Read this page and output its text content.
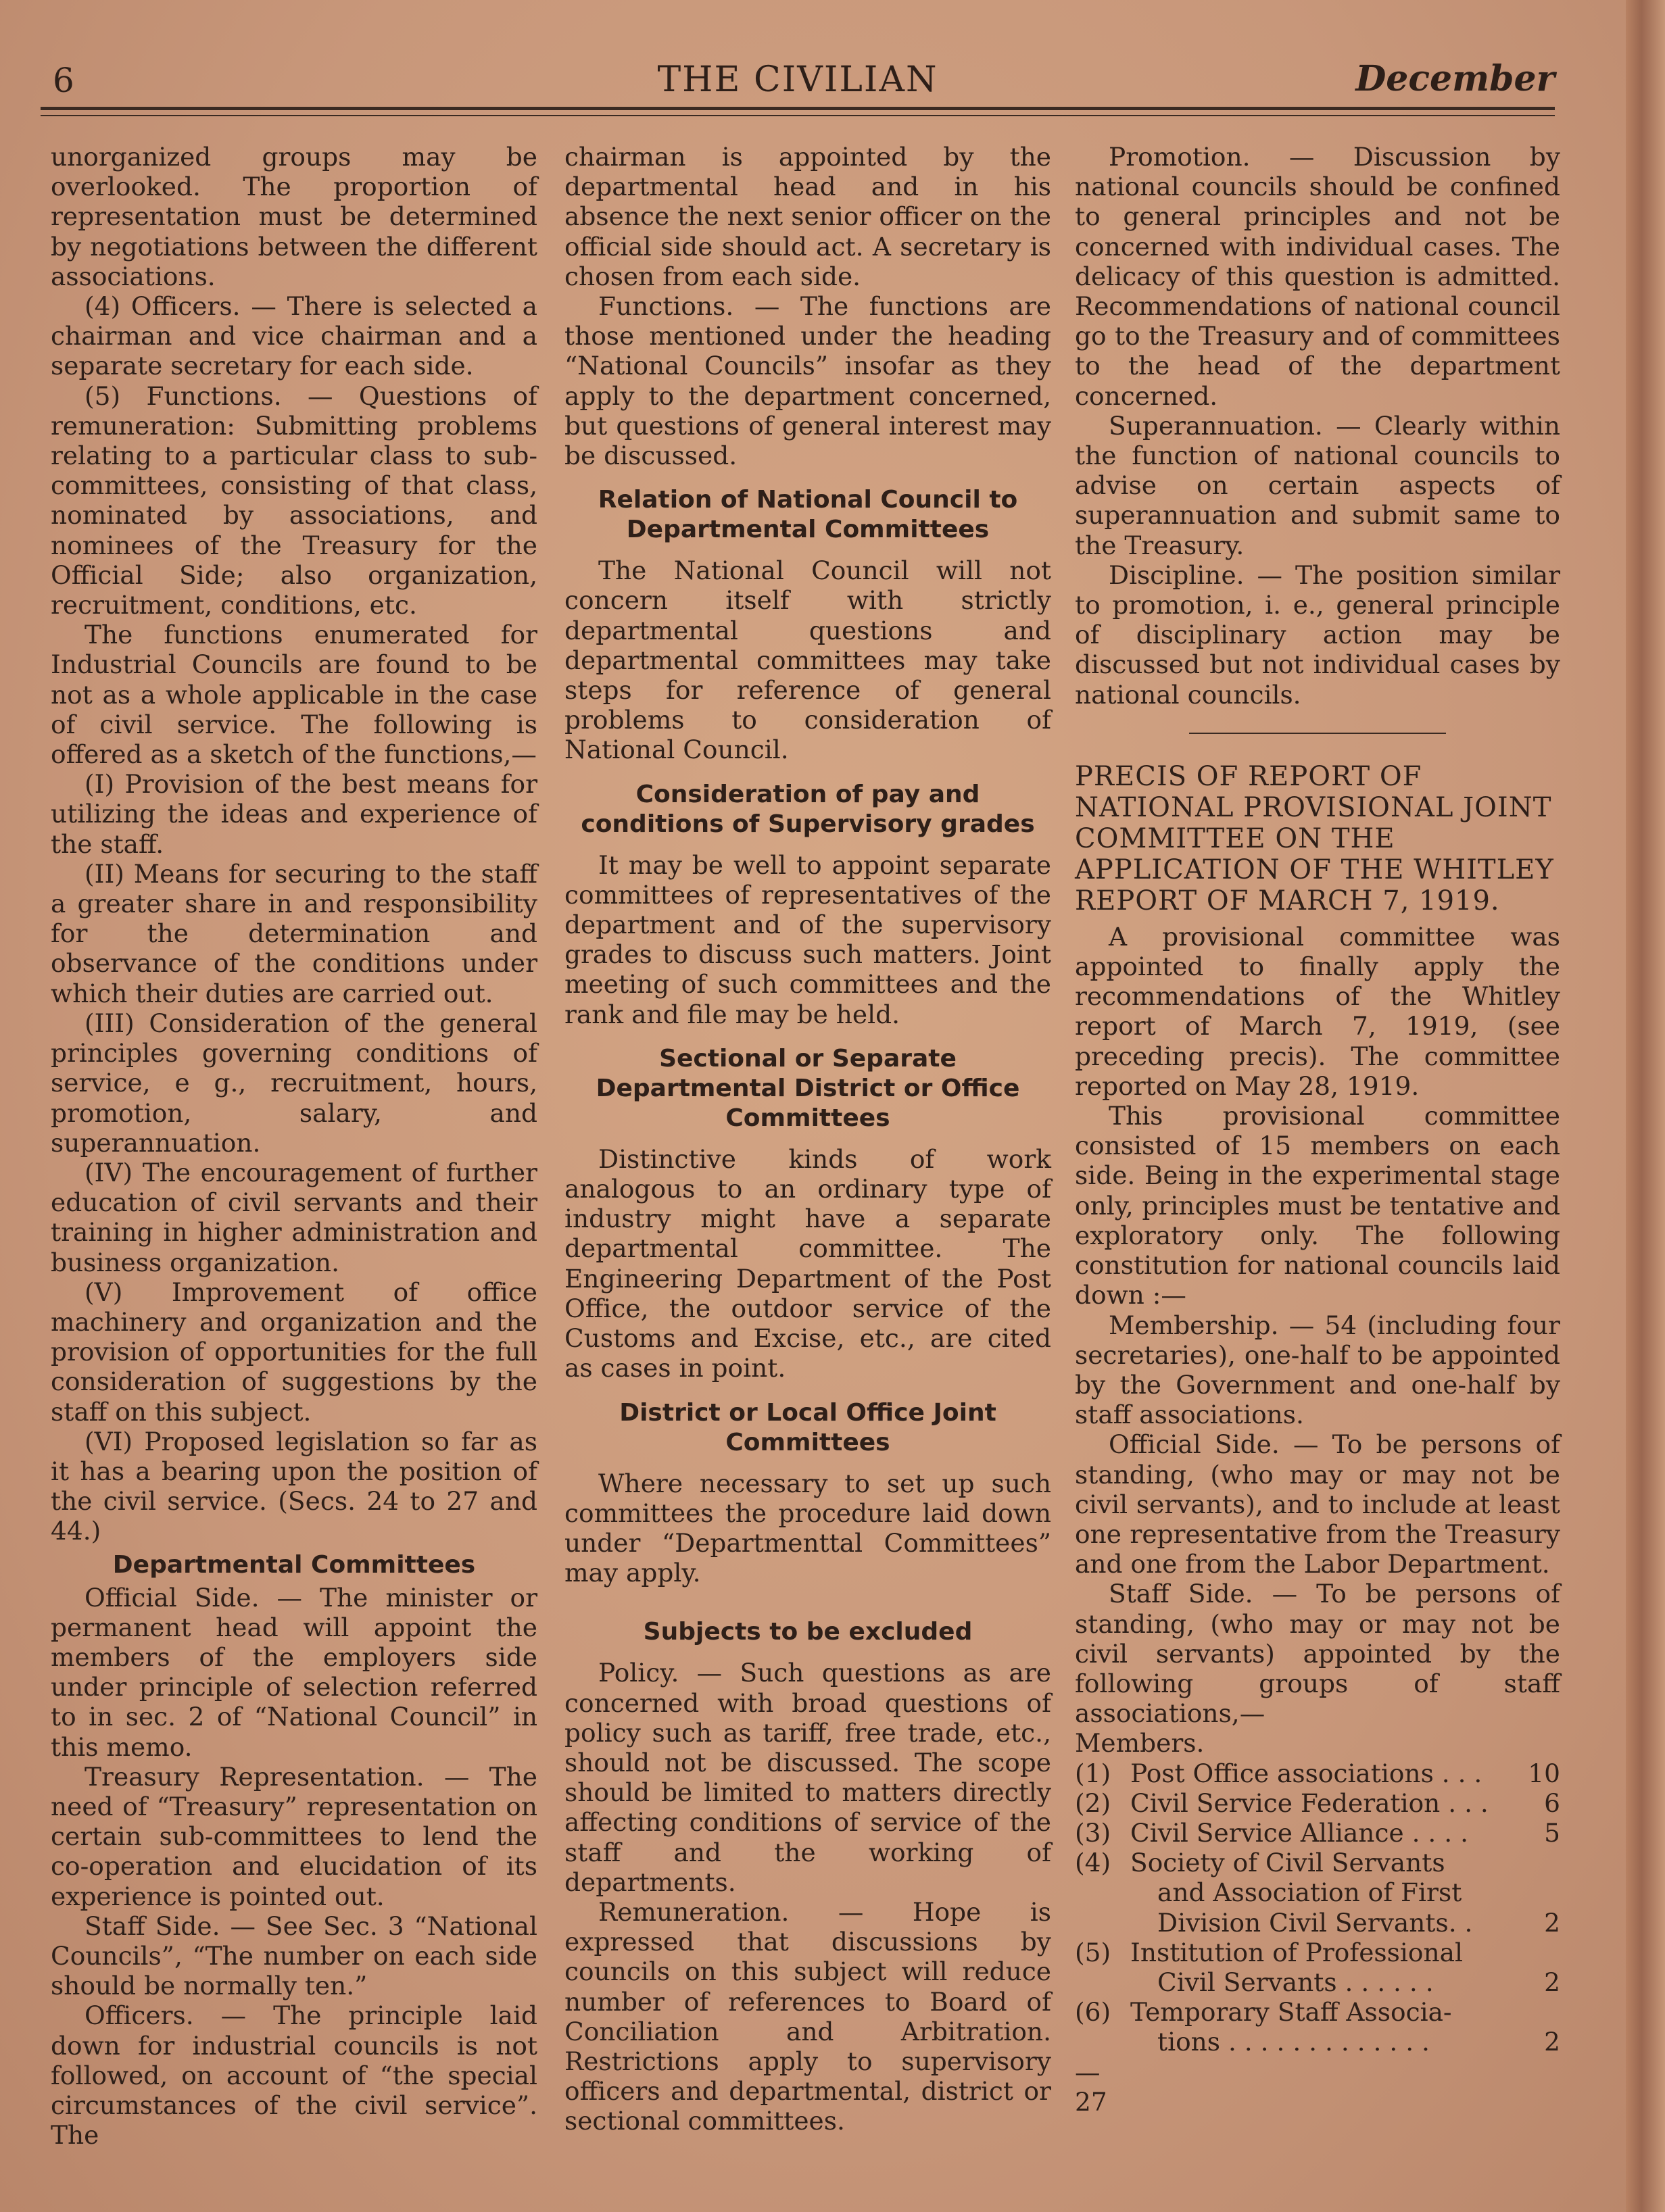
6	THE CIVILIAN	December

unorganized groups may be overlooked. The proportion of representation must be determined by negotiations between the different associations.

(4) Officers. — There is selected a chairman and vice chairman and a separate secretary for each side.

(5) Functions. — Questions of remuneration: Submitting problems relating to a particular class to sub-committees, consisting of that class, nominated by associations, and nominees of the Treasury for the Official Side; also organization, recruitment, conditions, etc.

The functions enumerated for Industrial Councils are found to be not as a whole applicable in the case of civil service. The following is offered as a sketch of the functions,—

(I) Provision of the best means for utilizing the ideas and experience of the staff.

(II) Means for securing to the staff a greater share in and responsibility for the determination and observance of the conditions under which their duties are carried out.

(III) Consideration of the general principles governing conditions of service, e g., recruitment, hours, promotion, salary, and superannuation.

(IV) The encouragement of further education of civil servants and their training in higher administration and business organization.

(V) Improvement of office machinery and organization and the provision of opportunities for the full consideration of suggestions by the staff on this subject.

(VI) Proposed legislation so far as it has a bearing upon the position of the civil service. (Secs. 24 to 27 and 44.)

Departmental Committees

Official Side. — The minister or permanent head will appoint the members of the employers side under principle of selection referred to in sec. 2 of “National Council” in this memo.

Treasury Representation. — The need of “Treasury” representation on certain sub-committees to lend the co-operation and elucidation of its experience is pointed out.

Staff Side. — See Sec. 3 “National Councils”, “The number on each side should be normally ten.”

Officers. — The principle laid down for industrial councils is not followed, on account of “the special circumstances of the civil service”. The

chairman is appointed by the departmental head and in his absence the next senior officer on the official side should act. A secretary is chosen from each side.

Functions. — The functions are those mentioned under the heading “National Councils” insofar as they apply to the department concerned, but questions of general interest may be discussed.

Relation of National Council to Departmental Committees

The National Council will not concern itself with strictly departmental questions and departmental committees may take steps for reference of general problems to consideration of National Council.

Consideration of pay and conditions of Supervisory grades

It may be well to appoint separate committees of representatives of the department and of the supervisory grades to discuss such matters. Joint meeting of such committees and the rank and file may be held.

Sectional or Separate Departmental District or Office Committees

Distinctive kinds of work analogous to an ordinary type of industry might have a separate departmental committee. The Engineering Department of the Post Office, the outdoor service of the Customs and Excise, etc., are cited as cases in point.

District or Local Office Joint Committees

Where necessary to set up such committees the procedure laid down under “Departmenttal Committees” may apply.

Subjects to be excluded

Policy. — Such questions as are concerned with broad questions of policy such as tariff, free trade, etc., should not be discussed. The scope should be limited to matters directly affecting conditions of service of the staff and the working of departments.

Remuneration. — Hope is expressed that discussions by councils on this subject will reduce number of references to Board of Conciliation and Arbitration. Restrictions apply to supervisory officers and departmental, district or sectional committees.

Promotion. — Discussion by national councils should be confined to general principles and not be concerned with individual cases. The delicacy of this question is admitted. Recommendations of national council go to the Treasury and of committees to the head of the department concerned.

Superannuation. — Clearly within the function of national councils to advise on certain aspects of superannuation and submit same to the Treasury.

Discipline. — The position similar to promotion, i. e., general principle of disciplinary action may be discussed but not individual cases by national councils.

PRECIS OF REPORT OF NATIONAL PROVISIONAL JOINT COMMITTEE ON THE APPLICATION OF THE WHITLEY REPORT OF MARCH 7, 1919.

A provisional committee was appointed to finally apply the recommendations of the Whitley report of March 7, 1919, (see preceding precis). The committee reported on May 28, 1919.

This provisional committee consisted of 15 members on each side. Being in the experimental stage only, principles must be tentative and exploratory only. The following constitution for national councils laid down :—

Membership. — 54 (including four secretaries), one-half to be appointed by the Government and one-half by staff associations.

Official Side. — To be persons of standing, (who may or may not be civil servants), and to include at least one representative from the Treasury and one from the Labor Department.

Staff Side. — To be persons of standing, (who may or may not be civil servants) appointed by the following groups of staff associations,—

Members.

(1) Post Office associations . . .	10
(2) Civil Service Federation . . .	6
(3) Civil Service Alliance . . . .	5
(4) Society of Civil Servants
and Association of First
Division Civil Servants. .	2
(5) Institution of Professional
Civil Servants . . . . . .	2
(6) Temporary Staff Associa-
tions . . . . . . . . . . . . .	2

—

27
